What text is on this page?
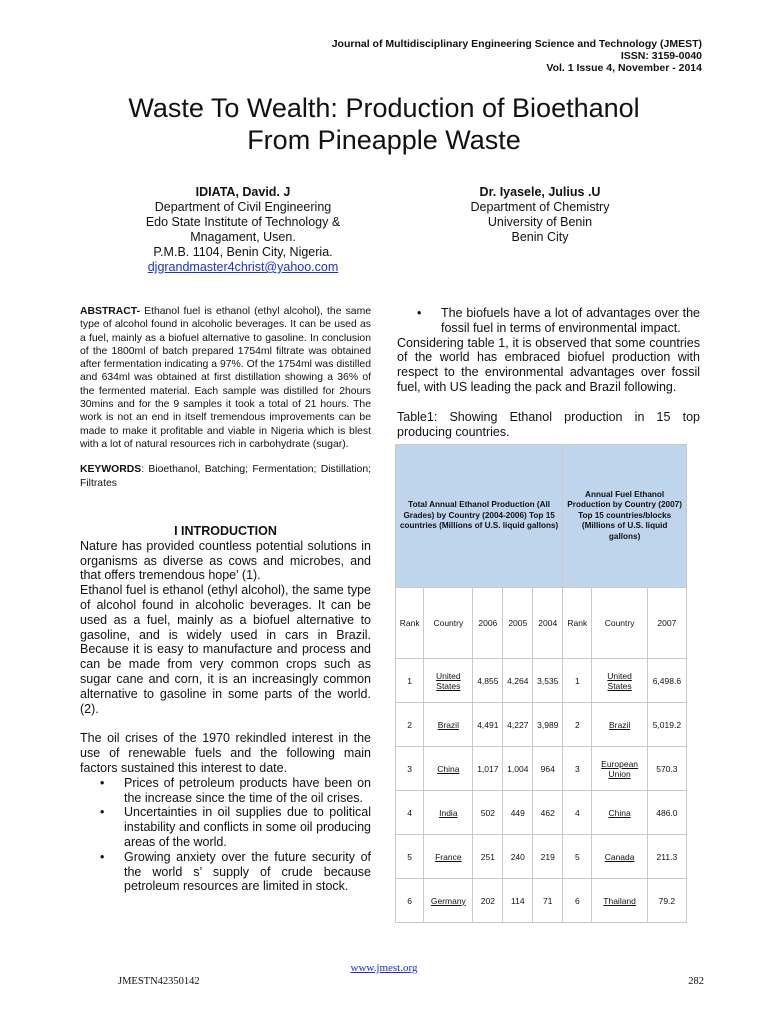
Journal of Multidisciplinary Engineering Science and Technology (JMEST)
ISSN: 3159-0040
Vol. 1 Issue 4, November - 2014
Waste To Wealth: Production of Bioethanol
From Pineapple Waste
IDIATA, David. J
Department of Civil Engineering
Edo State Institute of Technology &
Mnagament, Usen.
P.M.B. 1104, Benin City, Nigeria.
djgrandmaster4christ@yahoo.com
Dr. Iyasele, Julius .U
Department of Chemistry
University of Benin
Benin City

ABSTRACT- Ethanol fuel is ethanol (ethyl alcohol), the same type of alcohol found in alcoholic beverages. It can be used as a fuel, mainly as a biofuel alternative to gasoline. In conclusion of the 1800ml of batch prepared 1754ml filtrate was obtained after fermentation indicating a 97%. Of the 1754ml was distilled and 634ml was obtained at first distillation showing a 36% of the fermented material. Each sample was distilled for 2hours 30mins and for the 9 samples it took a total of 21 hours. The work is not an end in itself tremendous improvements can be made to make it profitable and viable in Nigeria which is blest with a lot of natural resources rich in carbohydrate (sugar).

KEYWORDS: Bioethanol, Batching; Fermentation; Distillation; Filtrates

I INTRODUCTION

Nature has provided countless potential solutions in organisms as diverse as cows and microbes, and that offers tremendous hope’ (1).

Ethanol fuel is ethanol (ethyl alcohol), the same type of alcohol found in alcoholic beverages. It can be used as a fuel, mainly as a biofuel alternative to gasoline, and is widely used in cars in Brazil. Because it is easy to manufacture and process and can be made from very common crops such as sugar cane and corn, it is an increasingly common alternative to gasoline in some parts of the world. (2).

The oil crises of the 1970 rekindled interest in the use of renewable fuels and the following main factors sustained this interest to date.

• Prices of petroleum products have been on the increase since the time of the oil crises.
• Uncertainties in oil supplies due to political instability and conflicts in some oil producing areas of the world.
• Growing anxiety over the future security of the world s’ supply of crude because petroleum resources are limited in stock.
• The biofuels have a lot of advantages over the fossil fuel in terms of environmental impact.

Considering table 1, it is observed that some countries of the world has embraced biofuel production with respect to the environmental advantages over fossil fuel, with US leading the pack and Brazil following.

Table1: Showing Ethanol production in 15 top producing countries.

Total Annual Ethanol Production (All Grades) by Country (2004-2006) Top 15 countries (Millions of U.S. liquid gallons)					Annual Fuel Ethanol Production by Country (2007) Top 15 countries/blocks (Millions of U.S. liquid gallons)		
Rank	Country	2006	2005	2004	Rank	Country	2007
1	United States	4,855	4,264	3,535	1	United States	6,498.6
2	Brazil	4,491	4,227	3,989	2	Brazil	5,019.2
3	China	1,017	1,004	964	3	European Union	570.3
4	India	502	449	462	4	China	486.0
5	France	251	240	219	5	Canada	211.3
6	Germany	202	114	71	6	Thailand	79.2
www.jmest.org
JMESTN42350142	282
